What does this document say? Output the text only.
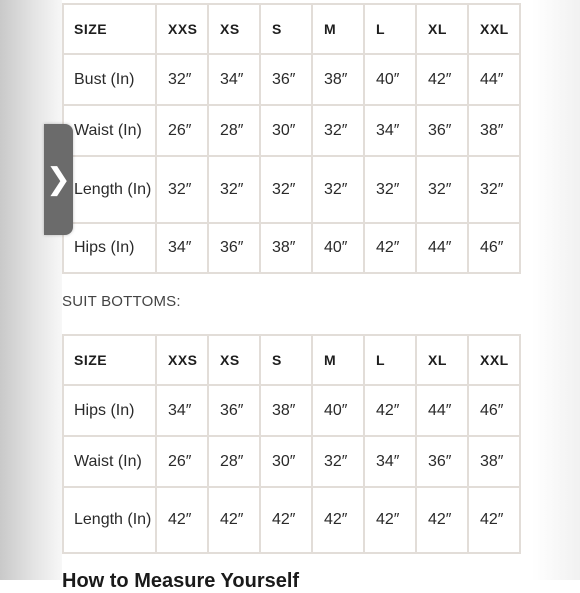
❯
SIZE	XXS	XS	S	M	L	XL	XXL
Bust (In)	32″	34″	36″	38″	40″	42″	44″
Waist (In)	26″	28″	30″	32″	34″	36″	38″
Length (In)	32″	32″	32″	32″	32″	32″	32″
Hips (In)	34″	36″	38″	40″	42″	44″	46″
SUIT BOTTOMS:
SIZE	XXS	XS	S	M	L	XL	XXL
Hips (In)	34″	36″	38″	40″	42″	44″	46″
Waist (In)	26″	28″	30″	32″	34″	36″	38″
Length (In)	42″	42″	42″	42″	42″	42″	42″
How to Measure Yourself
